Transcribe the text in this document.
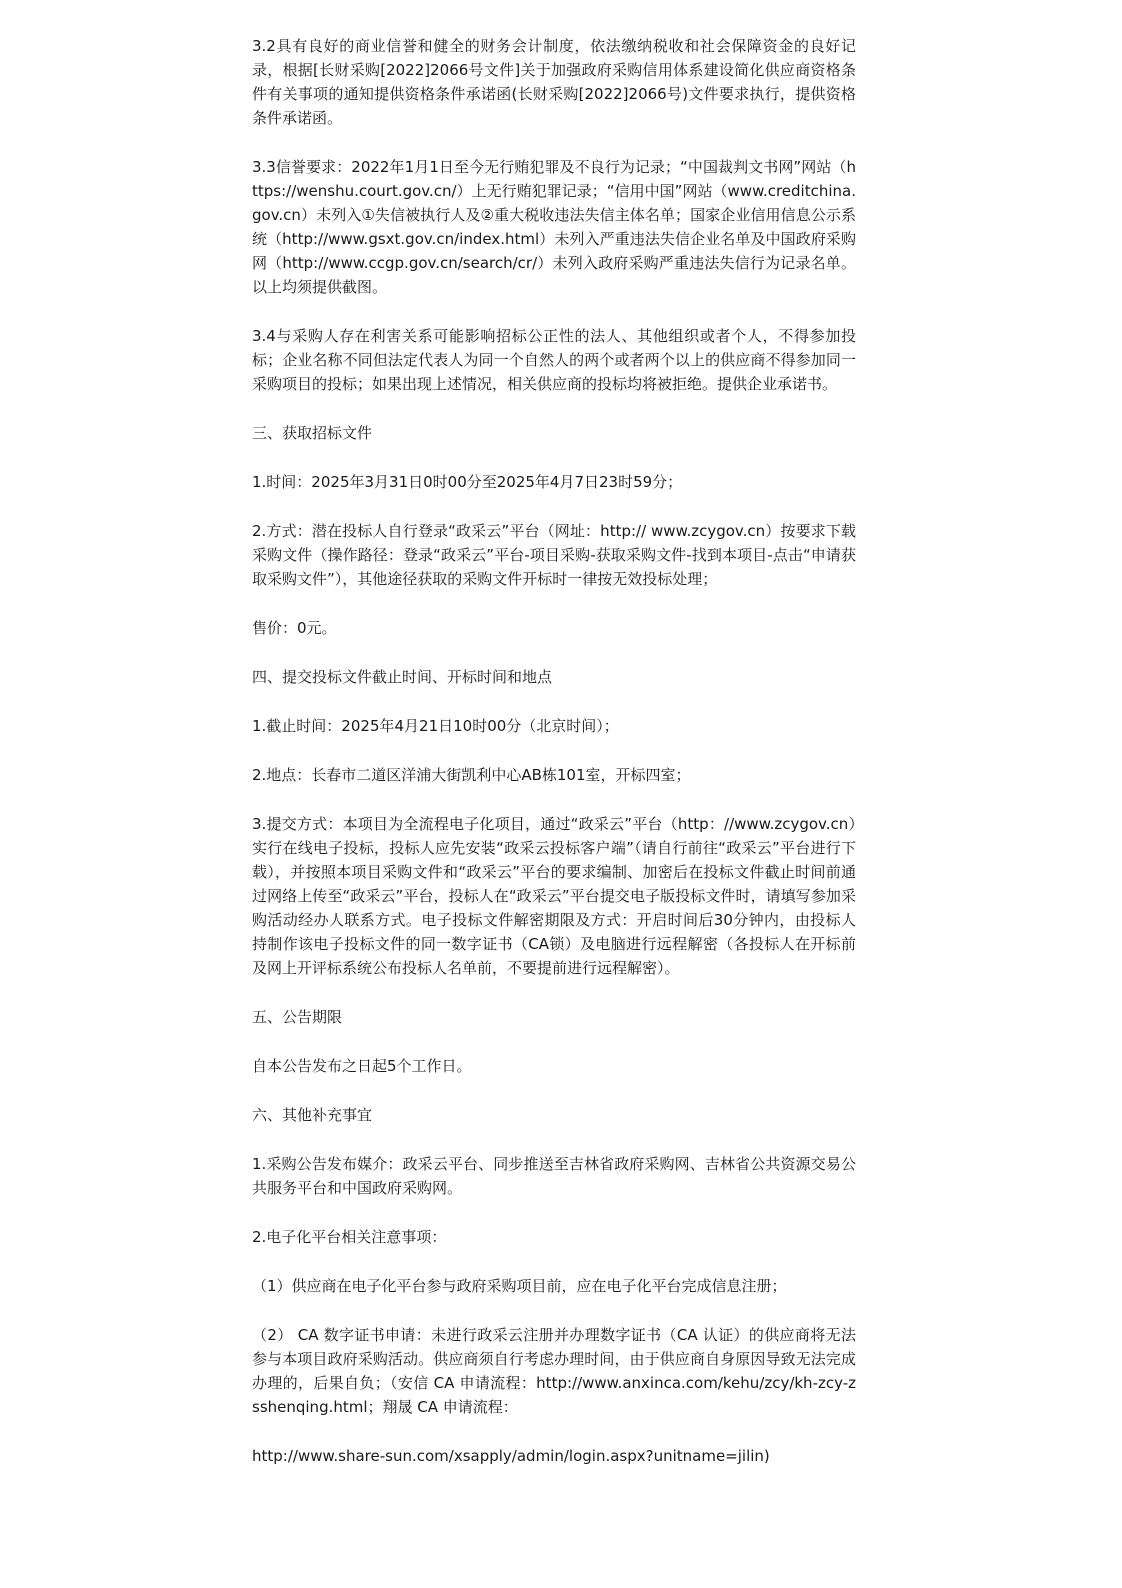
3.2具有良好的商业信誉和健全的财务会计制度，依法缴纳税收和社会保障资金的良好记录，根据[长财采购[2022]2066号文件]关于加强政府采购信用体系建设简化供应商资格条件有关事项的通知提供资格条件承诺函(长财采购[2022]2066号)文件要求执行，提供资格条件承诺函。

3.3信誉要求：2022年1月1日至今无行贿犯罪及不良行为记录；“中国裁判文书网”网站（https://wenshu.court.gov.cn/）上无行贿犯罪记录；“信用中国”网站（www.creditchina.gov.cn）未列入①失信被执行人及②重大税收违法失信主体名单；国家企业信用信息公示系统（http://www.gsxt.gov.cn/index.html）未列入严重违法失信企业名单及中国政府采购网（http://www.ccgp.gov.cn/search/cr/）未列入政府采购严重违法失信行为记录名单。以上均须提供截图。

3.4与采购人存在利害关系可能影响招标公正性的法人、其他组织或者个人，不得参加投标；企业名称不同但法定代表人为同一个自然人的两个或者两个以上的供应商不得参加同一采购项目的投标；如果出现上述情况，相关供应商的投标均将被拒绝。提供企业承诺书。

三、获取招标文件

1.时间：2025年3月31日0时00分至2025年4月7日23时59分；

2.方式：潜在投标人自行登录“政采云”平台（网址：http:// www.zcygov.cn）按要求下载采购文件（操作路径：登录“政采云”平台-项目采购-获取采购文件-找到本项目-点击“申请获取采购文件”），其他途径获取的采购文件开标时一律按无效投标处理；

售价：0元。

四、提交投标文件截止时间、开标时间和地点

1.截止时间：2025年4月21日10时00分（北京时间）；

2.地点：长春市二道区洋浦大街凯利中心AB栋101室，开标四室；

3.提交方式：本项目为全流程电子化项目，通过“政采云”平台（http：//www.zcygov.cn）实行在线电子投标，投标人应先安装“政采云投标客户端”（请自行前往“政采云”平台进行下载），并按照本项目采购文件和“政采云”平台的要求编制、加密后在投标文件截止时间前通过网络上传至“政采云”平台，投标人在“政采云”平台提交电子版投标文件时，请填写参加采购活动经办人联系方式。电子投标文件解密期限及方式：开启时间后30分钟内，由投标人持制作该电子投标文件的同一数字证书（CA锁）及电脑进行远程解密（各投标人在开标前及网上开评标系统公布投标人名单前，不要提前进行远程解密）。

五、公告期限

自本公告发布之日起5个工作日。

六、其他补充事宜

1.采购公告发布媒介：政采云平台、同步推送至吉林省政府采购网、吉林省公共资源交易公共服务平台和中国政府采购网。

2.电子化平台相关注意事项：

（1）供应商在电子化平台参与政府采购项目前，应在电子化平台完成信息注册；

（2） CA 数字证书申请：未进行政采云注册并办理数字证书（CA 认证）的供应商将无法参与本项目政府采购活动。供应商须自行考虑办理时间，由于供应商自身原因导致无法完成办理的，后果自负；（安信 CA 申请流程：http://www.anxinca.com/kehu/zcy/kh-zcy-zsshenqing.html；翔晟 CA 申请流程：

http://www.share-sun.com/xsapply/admin/login.aspx?unitname=jilin)
